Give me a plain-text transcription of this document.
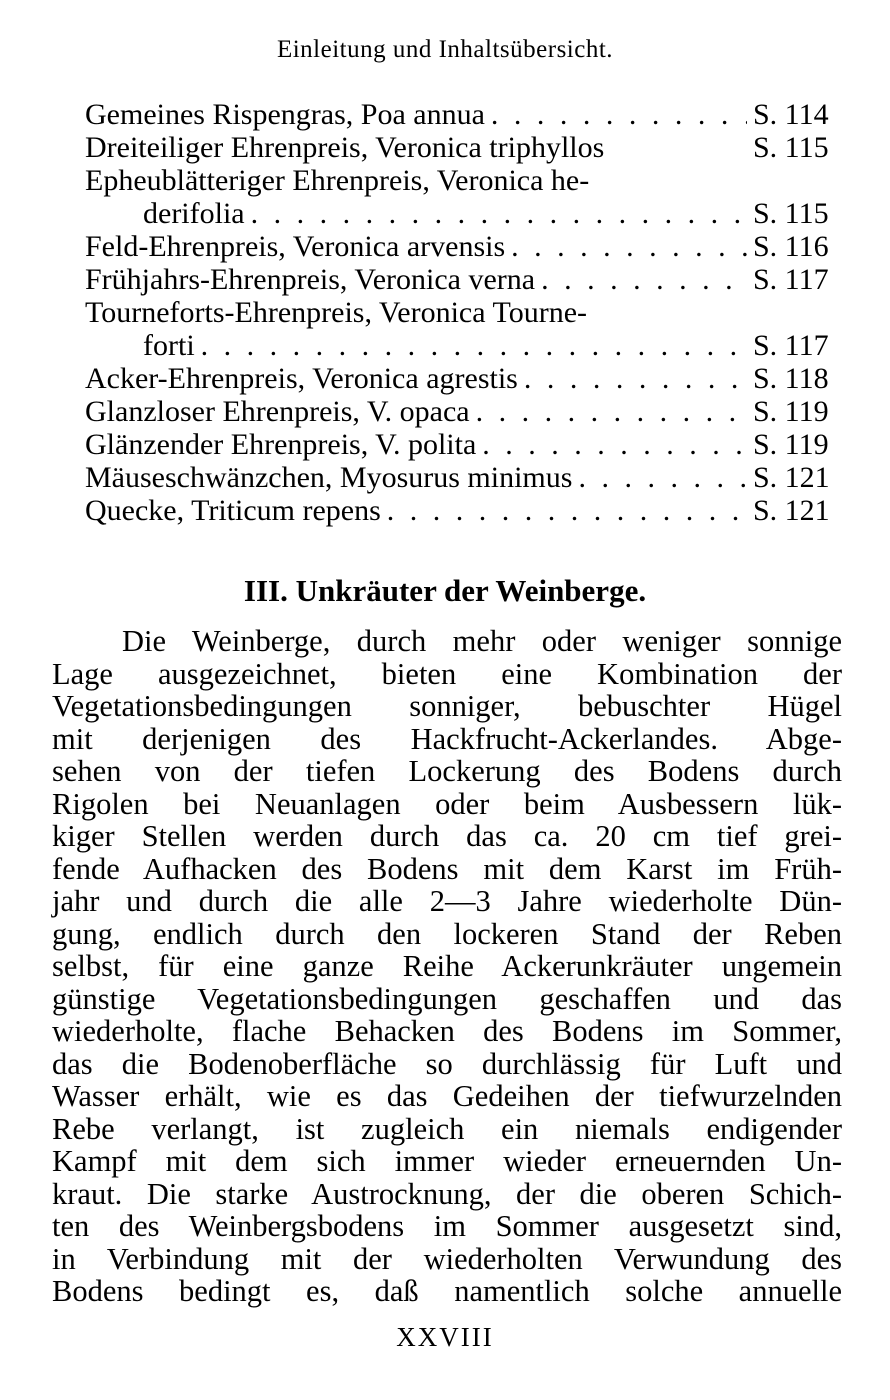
Einleitung und Inhaltsübersicht.
Gemeines Rispengras, Poa annua . . .	S. 114
Dreiteiliger Ehrenpreis, Veronica triphyllos	S. 115
Epheublätteriger Ehrenpreis, Veronica he-
derifolia . . .	S. 115
Feld-Ehrenpreis, Veronica arvensis . . .	S. 116
Frühjahrs-Ehrenpreis, Veronica verna . . .	S. 117
Tourneforts-Ehrenpreis, Veronica Tourne-
forti . . .	S. 117
Acker-Ehrenpreis, Veronica agrestis . . .	S. 118
Glanzloser Ehrenpreis, V. opaca . . .	S. 119
Glänzender Ehrenpreis, V. polita . . .	S. 119
Mäuseschwänzchen, Myosurus minimus . . .	S. 121
Quecke, Triticum repens . . .	S. 121
III. Unkräuter der Weinberge.
Die Weinberge, durch mehr oder weniger sonnige
Lage ausgezeichnet, bieten eine Kombination der
Vegetationsbedingungen sonniger, bebuschter Hügel
mit derjenigen des Hackfrucht-Ackerlandes. Abge-
sehen von der tiefen Lockerung des Bodens durch
Rigolen bei Neuanlagen oder beim Ausbessern lük-
kiger Stellen werden durch das ca. 20 cm tief grei-
fende Aufhacken des Bodens mit dem Karst im Früh-
jahr und durch die alle 2—3 Jahre wiederholte Dün-
gung, endlich durch den lockeren Stand der Reben
selbst, für eine ganze Reihe Ackerunkräuter ungemein
günstige Vegetationsbedingungen geschaffen und das
wiederholte, flache Behacken des Bodens im Sommer,
das die Bodenoberfläche so durchlässig für Luft und
Wasser erhält, wie es das Gedeihen der tiefwurzelnden
Rebe verlangt, ist zugleich ein niemals endigender
Kampf mit dem sich immer wieder erneuernden Un-
kraut. Die starke Austrocknung, der die oberen Schich-
ten des Weinbergsbodens im Sommer ausgesetzt sind,
in Verbindung mit der wiederholten Verwundung des
Bodens bedingt es, daß namentlich solche annuelle
XXVIII
